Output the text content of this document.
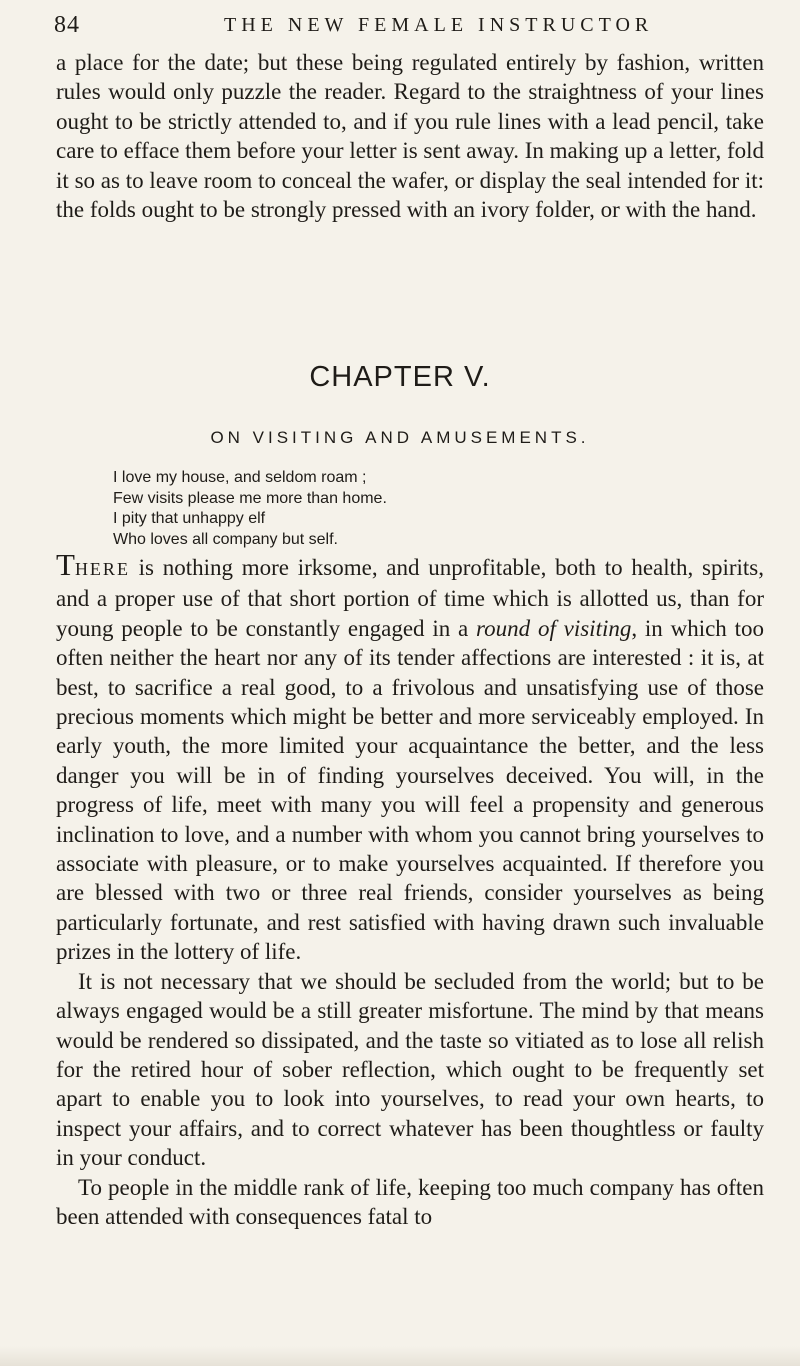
84	THE NEW FEMALE INSTRUCTOR

a place for the date; but these being regulated entirely by fashion, written rules would only puzzle the reader. Regard to the straightness of your lines ought to be strictly attended to, and if you rule lines with a lead pencil, take care to efface them before your letter is sent away. In making up a letter, fold it so as to leave room to conceal the wafer, or display the seal intended for it: the folds ought to be strongly pressed with an ivory folder, or with the hand.

CHAPTER V.
ON VISITING AND AMUSEMENTS.
I love my house, and seldom roam ;
Few visits please me more than home.
I pity that unhappy elf
Who loves all company but self.

THERE is nothing more irksome, and unprofitable, both to health, spirits, and a proper use of that short portion of time which is allotted us, than for young people to be constantly engaged in a round of visiting, in which too often neither the heart nor any of its tender affections are interested : it is, at best, to sacrifice a real good, to a frivolous and unsatisfying use of those precious moments which might be better and more serviceably employed. In early youth, the more limited your acquaintance the better, and the less danger you will be in of finding yourselves deceived. You will, in the progress of life, meet with many you will feel a propensity and generous inclination to love, and a number with whom you cannot bring yourselves to associate with pleasure, or to make yourselves acquainted. If therefore you are blessed with two or three real friends, consider yourselves as being particularly fortunate, and rest satisfied with having drawn such invaluable prizes in the lottery of life.

It is not necessary that we should be secluded from the world; but to be always engaged would be a still greater misfortune. The mind by that means would be rendered so dissipated, and the taste so vitiated as to lose all relish for the retired hour of sober reflection, which ought to be frequently set apart to enable you to look into yourselves, to read your own hearts, to inspect your affairs, and to correct whatever has been thoughtless or faulty in your conduct.

To people in the middle rank of life, keeping too much company has often been attended with consequences fatal to
